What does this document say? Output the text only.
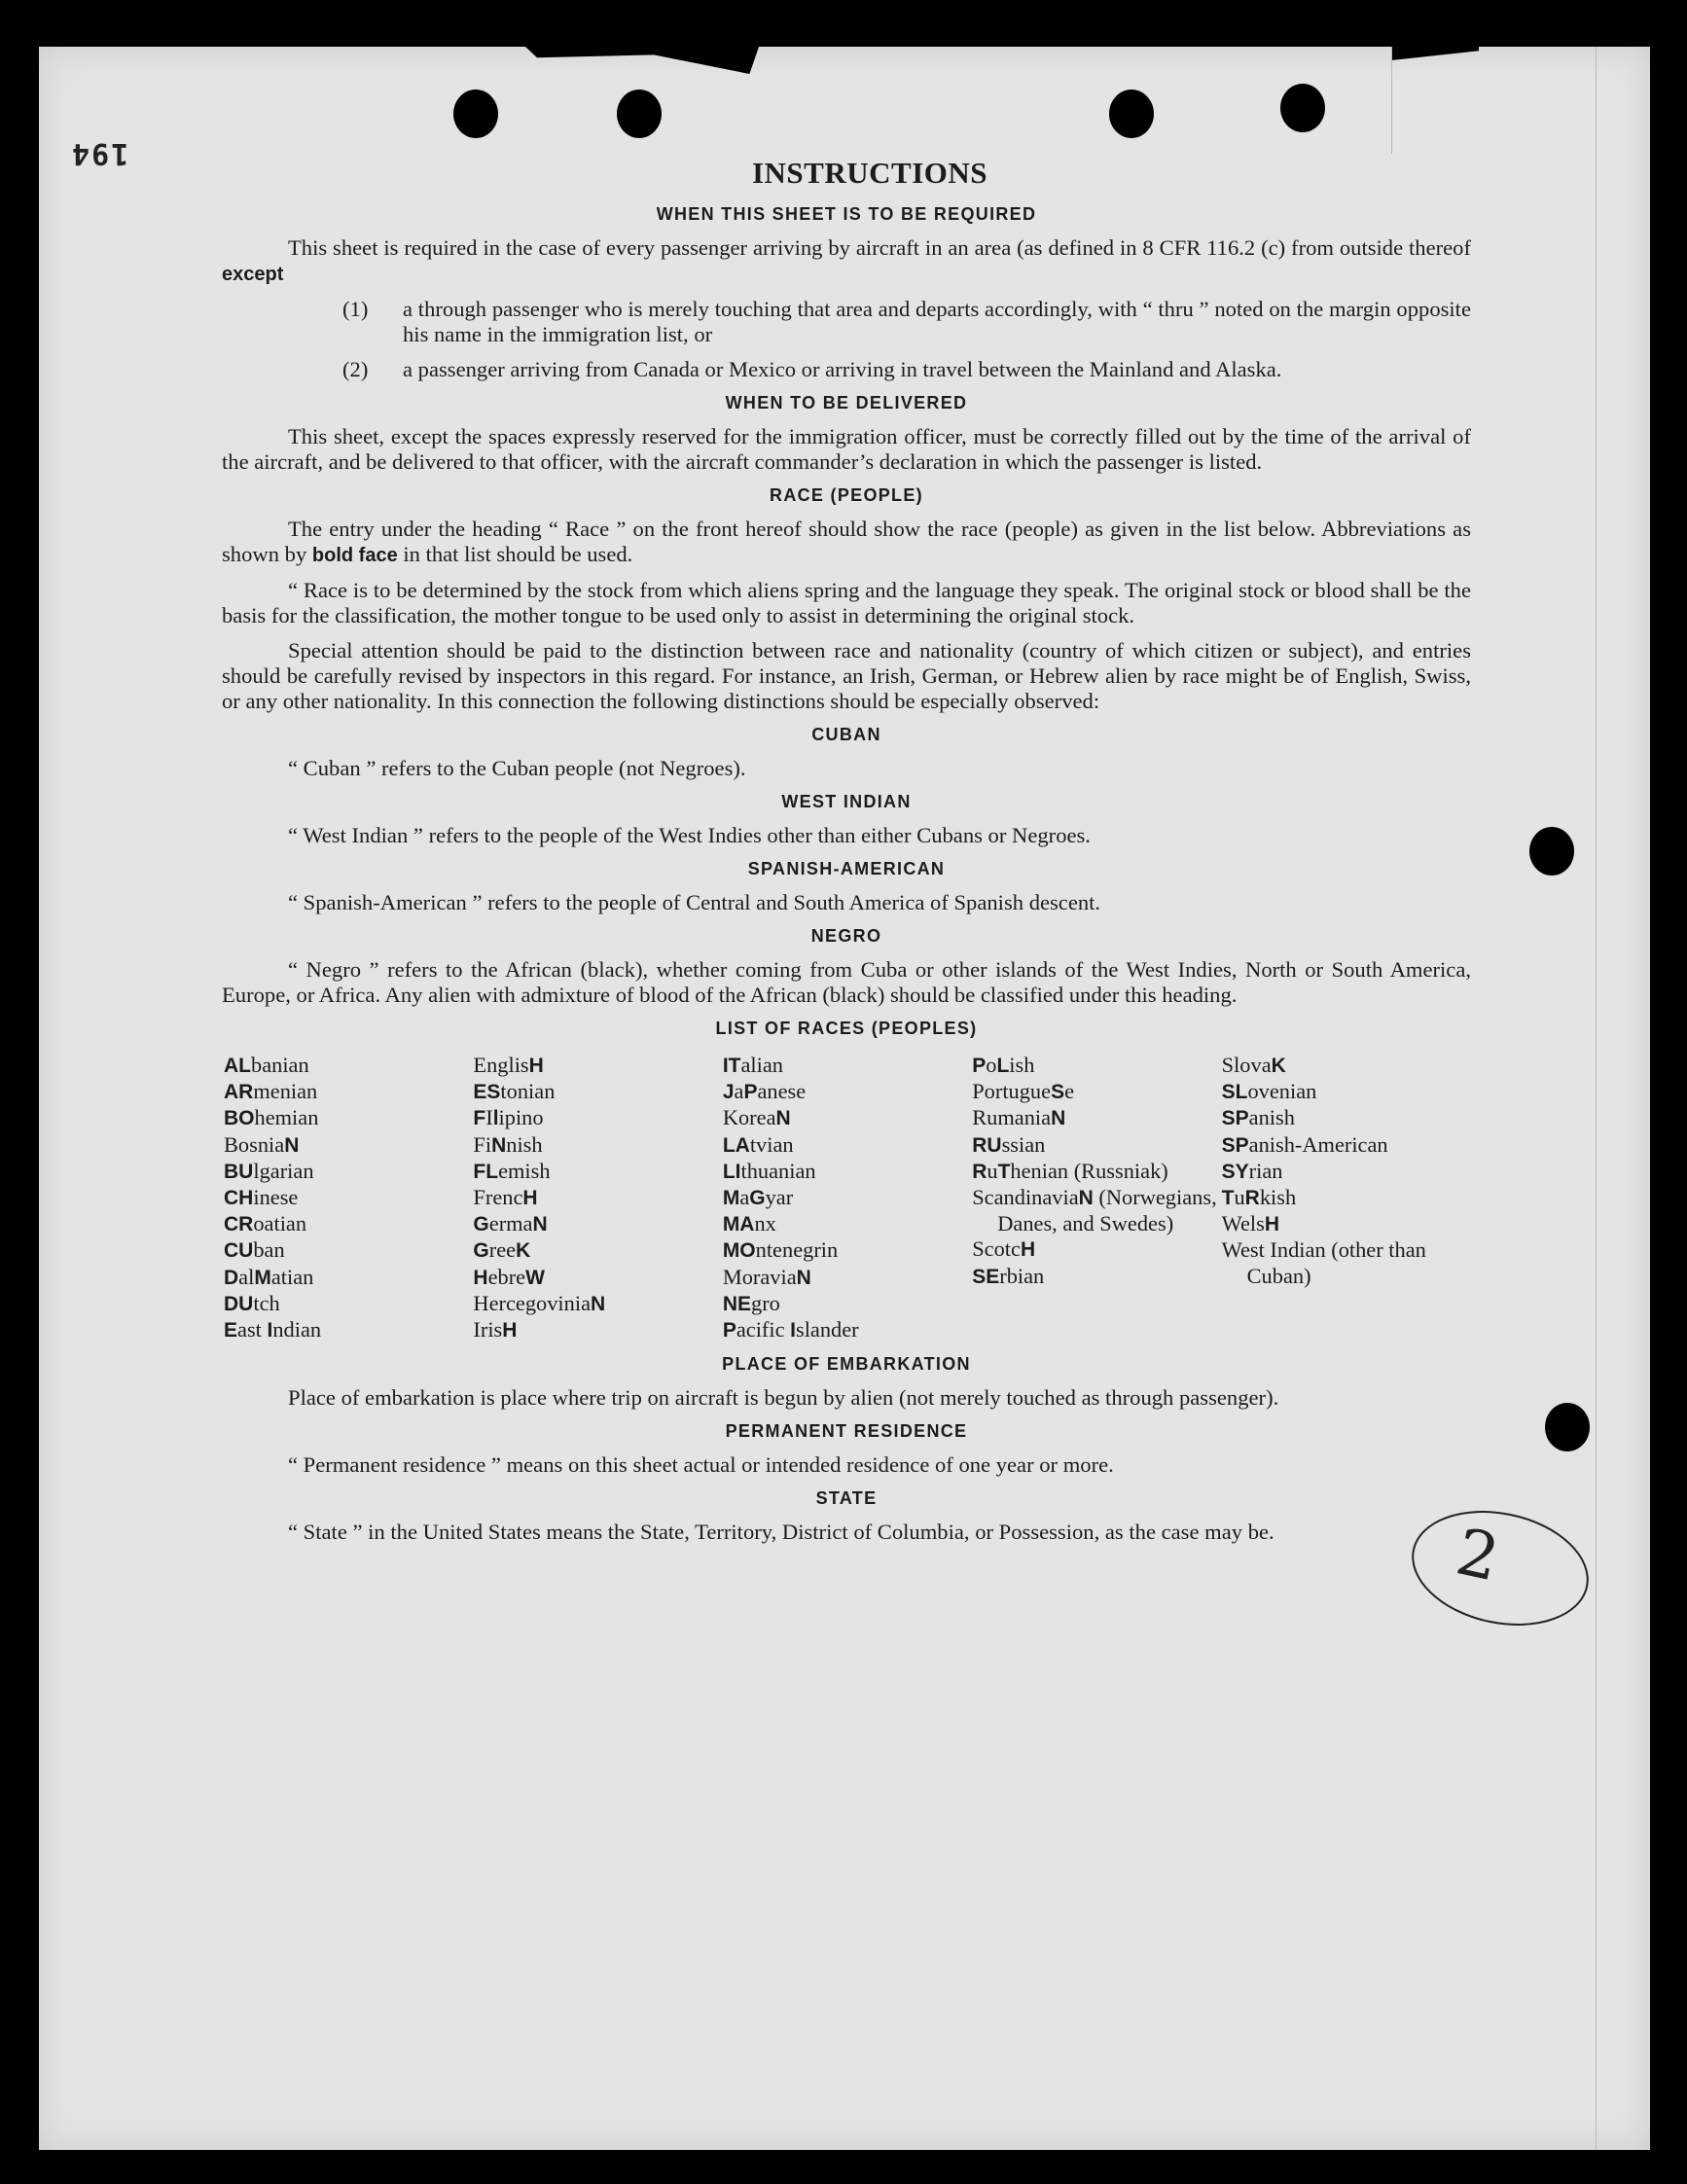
194
2
INSTRUCTIONS
WHEN THIS SHEET IS TO BE REQUIRED

This sheet is required in the case of every passenger arriving by aircraft in an area (as defined in 8 CFR 116.2 (c) from outside thereof except

(1)	a through passenger who is merely touching that area and departs accordingly, with “ thru ” noted on the margin opposite his name in the immigration list, or
(2)	a passenger arriving from Canada or Mexico or arriving in travel between the Mainland and Alaska.
WHEN TO BE DELIVERED

This sheet, except the spaces expressly reserved for the immigration officer, must be correctly filled out by the time of the arrival of the aircraft, and be delivered to that officer, with the aircraft commander’s declaration in which the passenger is listed.

RACE (PEOPLE)

The entry under the heading “ Race ” on the front hereof should show the race (people) as given in the list below. Abbreviations as shown by bold face in that list should be used.

“ Race is to be determined by the stock from which aliens spring and the language they speak. The original stock or blood shall be the basis for the classification, the mother tongue to be used only to assist in determining the original stock.

Special attention should be paid to the distinction between race and nationality (country of which citizen or subject), and entries should be carefully revised by inspectors in this regard. For instance, an Irish, German, or Hebrew alien by race might be of English, Swiss, or any other nationality. In this connection the following distinctions should be especially observed:

CUBAN

“ Cuban ” refers to the Cuban people (not Negroes).

WEST INDIAN

“ West Indian ” refers to the people of the West Indies other than either Cubans or Negroes.

SPANISH-AMERICAN

“ Spanish-American ” refers to the people of Central and South America of Spanish descent.

NEGRO

“ Negro ” refers to the African (black), whether coming from Cuba or other islands of the West Indies, North or South America, Europe, or Africa. Any alien with admixture of blood of the African (black) should be classified under this heading.

LIST OF RACES (PEOPLES)
ALbanian
ARmenian
BOhemian
BosniaN
BUlgarian
CHinese
CRoatian
CUban
DalMatian
DUtch
East Indian
EnglisH
EStonian
FIlipino
FiNnish
FLemish
FrencH
GermaN
GreeK
HebreW
HercegoviniaN
IrisH
ITalian
JaPanese
KoreaN
LAtvian
LIthuanian
MaGyar
MAnx
MOntenegrin
MoraviaN
NEgro
Pacific Islander
PoLish
PortugueSe
RumaniaN
RUssian
RuThenian (Russniak)
ScandinaviaN (Norwegians, Danes, and Swedes)
ScotcH
SErbian
SlovaK
SLovenian
SPanish
SPanish-American
SYrian
TuRkish
WelsH
West Indian (other than Cuban)
PLACE OF EMBARKATION

Place of embarkation is place where trip on aircraft is begun by alien (not merely touched as through passenger).

PERMANENT RESIDENCE

“ Permanent residence ” means on this sheet actual or intended residence of one year or more.

STATE

“ State ” in the United States means the State, Territory, District of Columbia, or Possession, as the case may be.
